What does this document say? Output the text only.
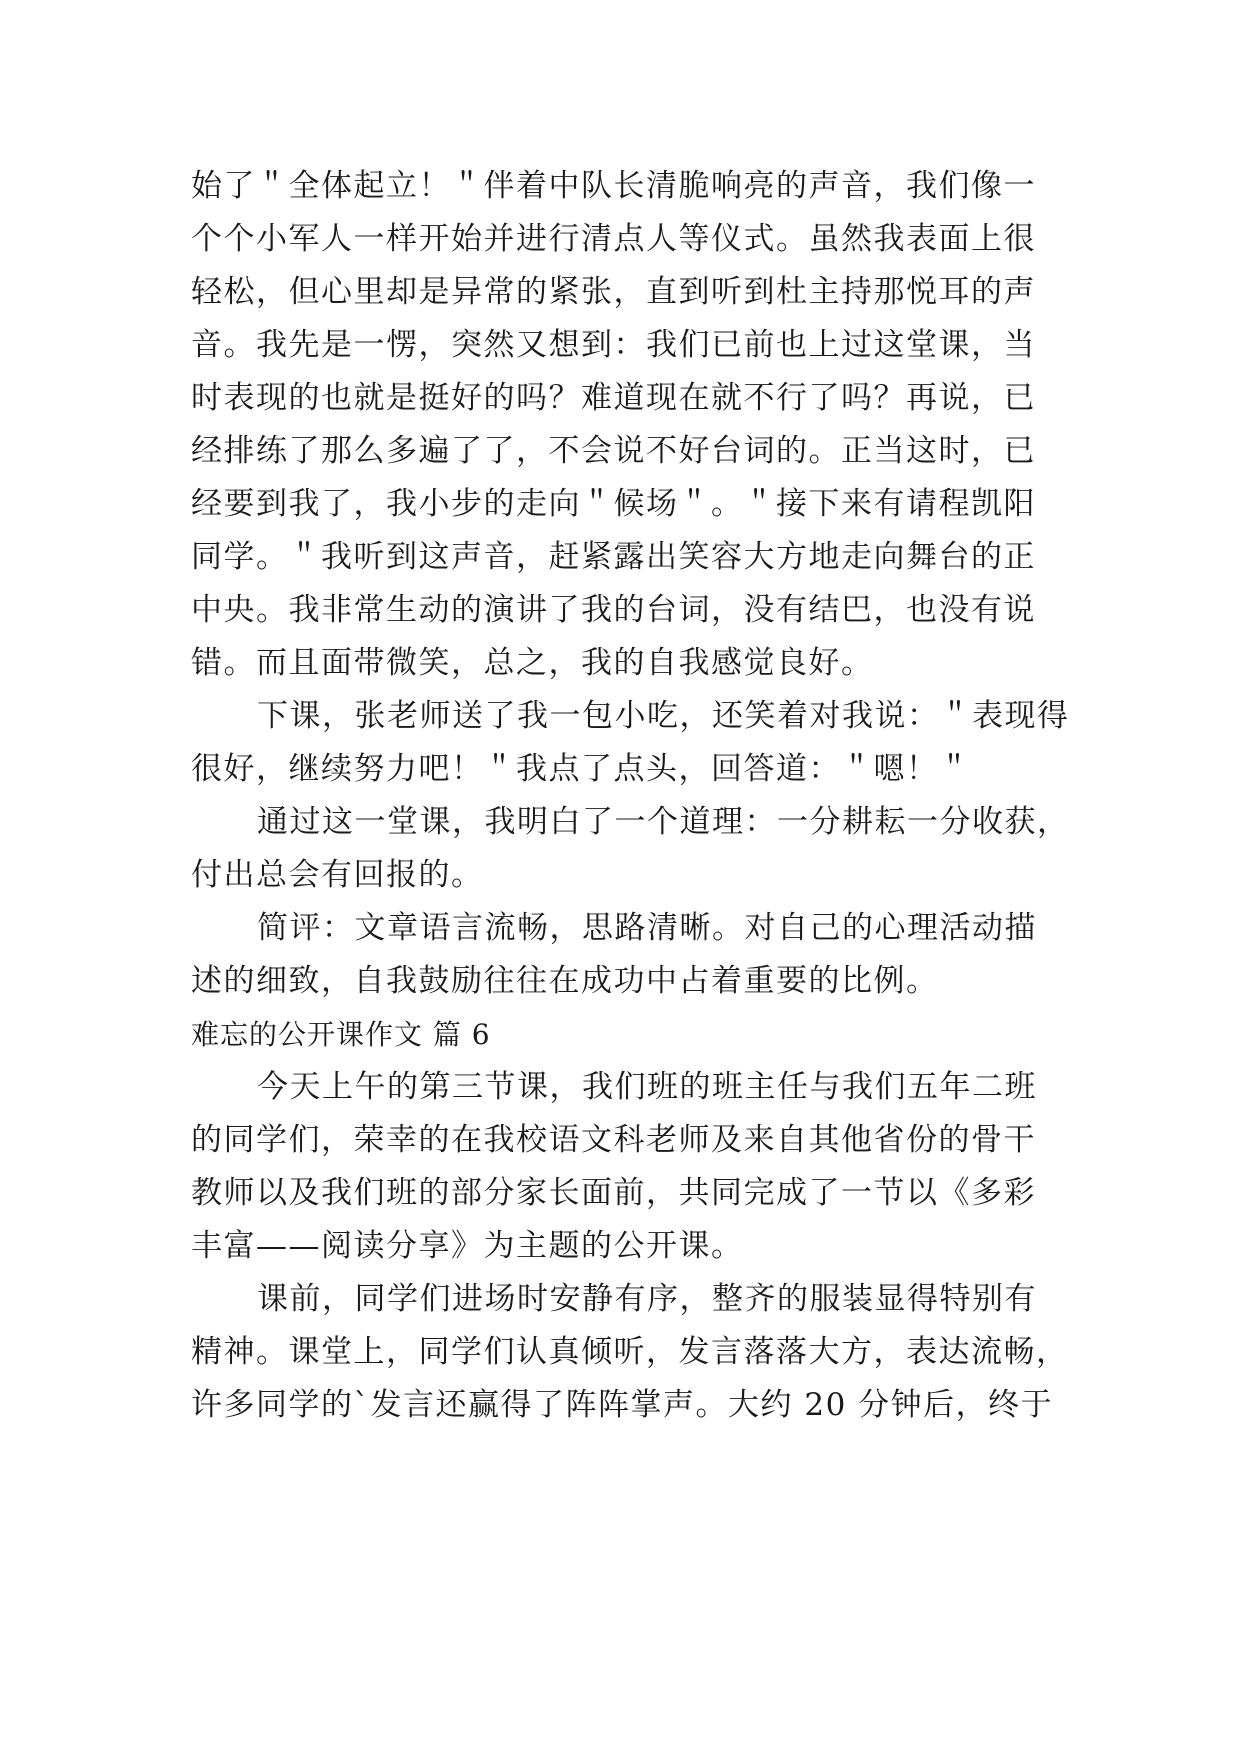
始了＂全体起立！＂伴着中队长清脆响亮的声音，我们像一
个个小军人一样开始并进行清点人等仪式。虽然我表面上很
轻松，但心里却是异常的紧张，直到听到杜主持那悦耳的声
音。我先是一愣，突然又想到：我们已前也上过这堂课，当
时表现的也就是挺好的吗？难道现在就不行了吗？再说，已
经排练了那么多遍了了，不会说不好台词的。正当这时，已
经要到我了，我小步的走向＂候场＂。＂接下来有请程凯阳
同学。＂我听到这声音，赶紧露出笑容大方地走向舞台的正
中央。我非常生动的演讲了我的台词，没有结巴，也没有说
错。而且面带微笑，总之，我的自我感觉良好。
下课，张老师送了我一包小吃，还笑着对我说：＂表现得
很好，继续努力吧！＂我点了点头，回答道：＂嗯！＂
通过这一堂课，我明白了一个道理：一分耕耘一分收获，
付出总会有回报的。
简评：文章语言流畅，思路清晰。对自己的心理活动描
述的细致，自我鼓励往往在成功中占着重要的比例。
难忘的公开课作文 篇 6
今天上午的第三节课，我们班的班主任与我们五年二班
的同学们，荣幸的在我校语文科老师及来自其他省份的骨干
教师以及我们班的部分家长面前，共同完成了一节以《多彩
丰富——阅读分享》为主题的公开课。
课前，同学们进场时安静有序，整齐的服装显得特别有
精神。课堂上，同学们认真倾听，发言落落大方，表达流畅，
许多同学的`发言还赢得了阵阵掌声。大约 20 分钟后，终于
